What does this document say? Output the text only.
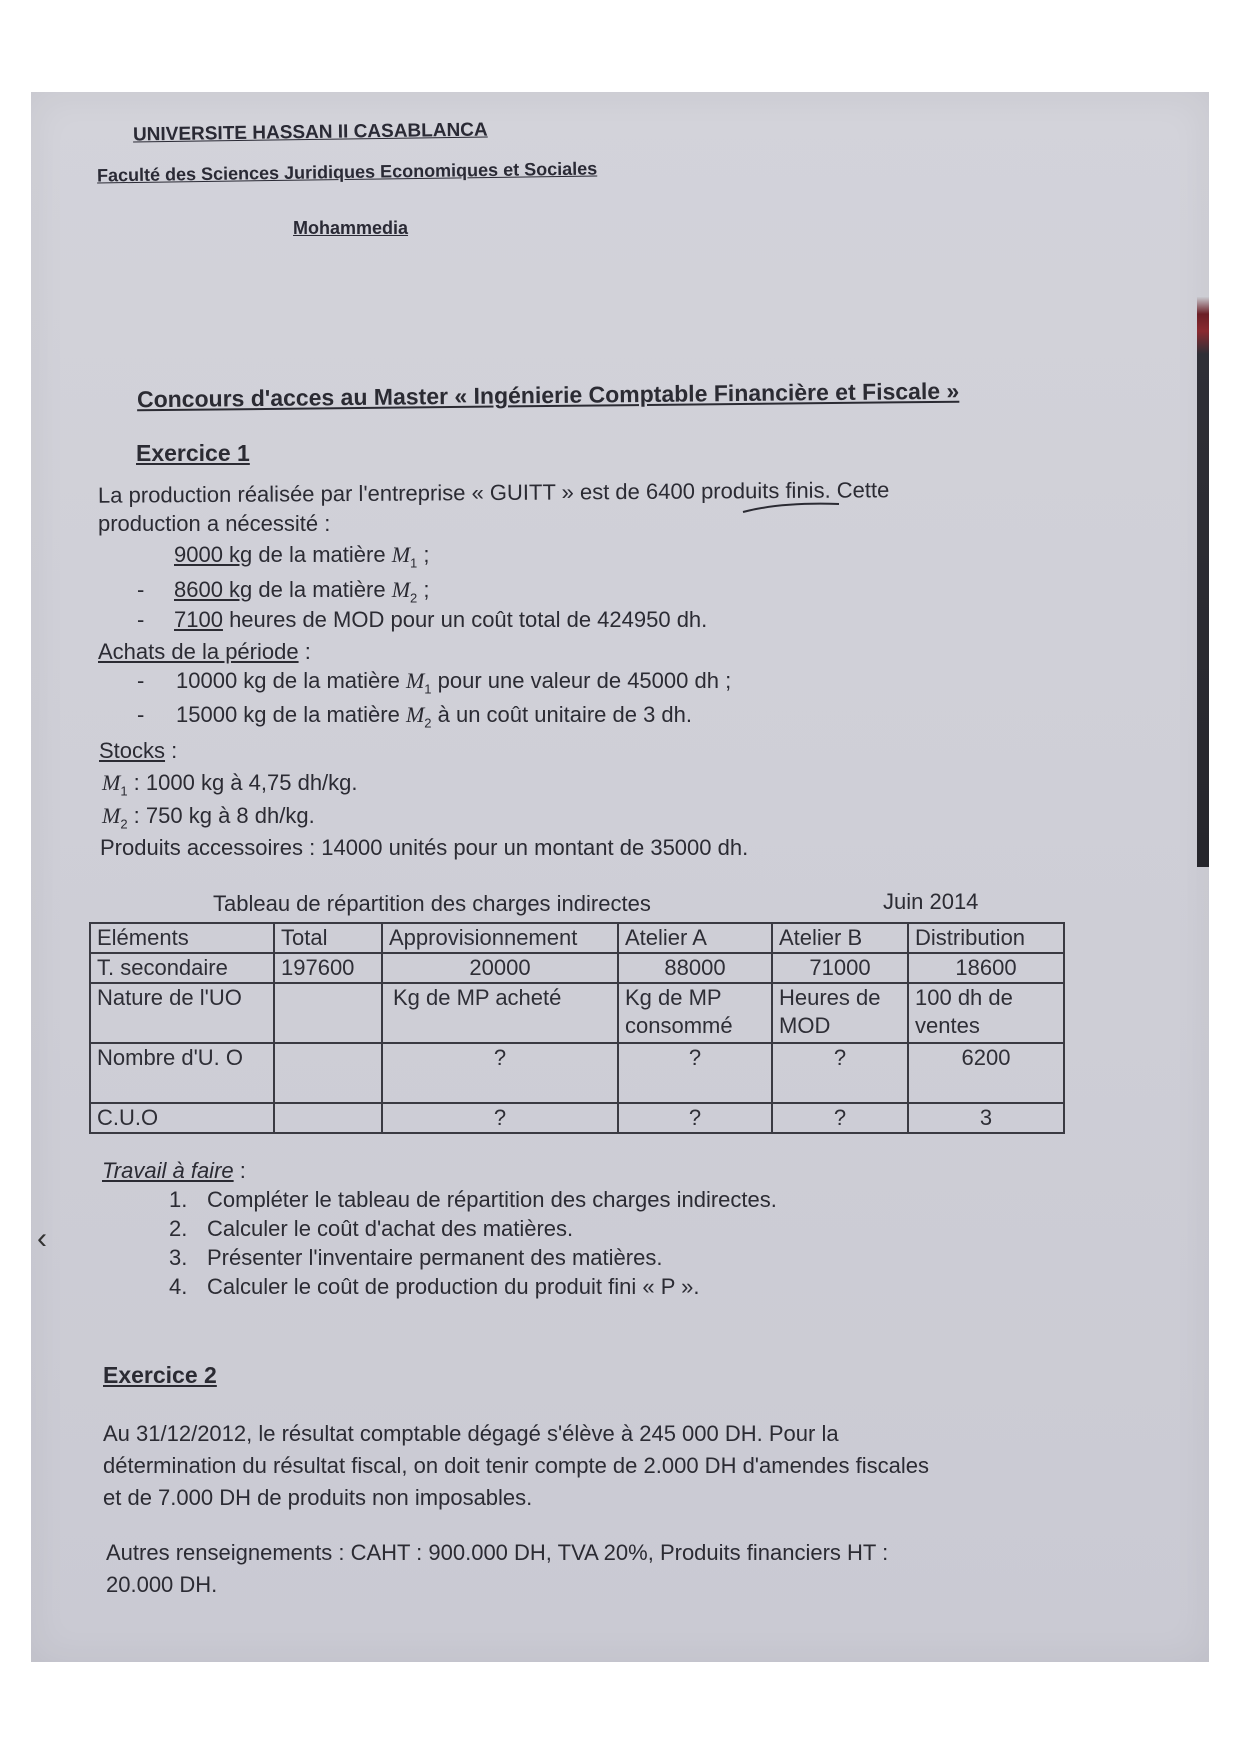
UNIVERSITE HASSAN II CASABLANCA
Faculté des Sciences Juridiques Economiques et Sociales
Mohammedia
Concours d'acces au Master « Ingénierie Comptable Financière et Fiscale »
Exercice 1
La production réalisée par l'entreprise « GUITT » est de 6400 produits finis. Cette
production a nécessité :
9000 kg de la matière $M_1$ ;
- 8600 kg de la matière $M_2$ ;
- 7100 heures de MOD pour un coût total de 424950 dh.
Achats de la période :
- 10000 kg de la matière $M_1$ pour une valeur de 45000 dh ;
- 15000 kg de la matière $M_2$ à un coût unitaire de 3 dh.
Stocks :
$M_1$ : 1000 kg à 4,75 dh/kg.
$M_2$ : 750 kg à 8 dh/kg.
Produits accessoires : 14000 unités pour un montant de 35000 dh.
Tableau de répartition des charges indirectes	Juin 2014
Eléments	Total	Approvisionnement	Atelier A	Atelier B	Distribution
T. secondaire	197600	20000	88000	71000	18600
Nature de l'UO		Kg de MP acheté	Kg de MP consommé	Heures de MOD	100 dh de ventes
Nombre d'U. O		?	?	?	6200
C.U.O		?	?	?	3
Travail à faire :
1. Compléter le tableau de répartition des charges indirectes.
2. Calculer le coût d'achat des matières.
3. Présenter l'inventaire permanent des matières.
4. Calculer le coût de production du produit fini « P ».
‹
Exercice 2
Au 31/12/2012, le résultat comptable dégagé s'élève à 245 000 DH. Pour la
détermination du résultat fiscal, on doit tenir compte de 2.000 DH d'amendes fiscales
et de 7.000 DH de produits non imposables.
Autres renseignements : CAHT : 900.000 DH, TVA 20%, Produits financiers HT :
20.000 DH.
